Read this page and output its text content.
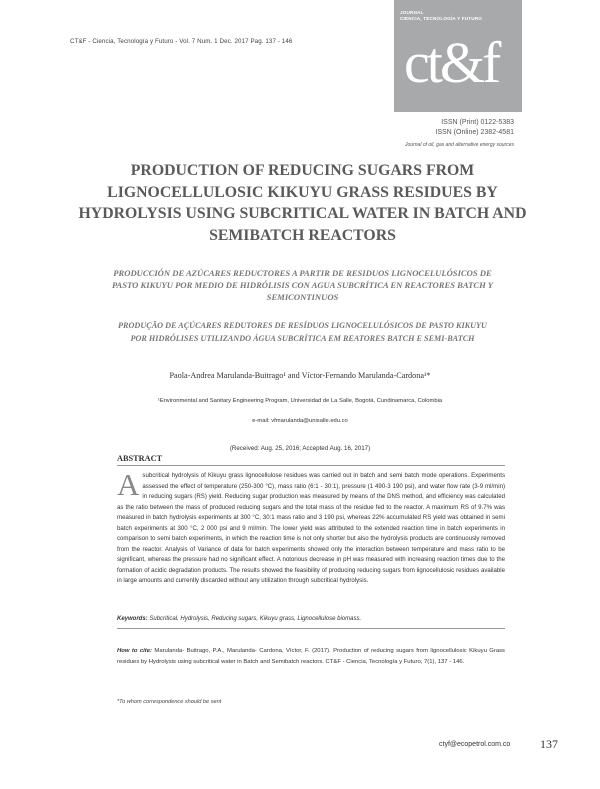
CT&F - Ciencia, Tecnología y Futuro - Vol. 7 Num. 1 Dec. 2017 Pag. 137 - 146
JOURNAL
CIENCIA, TECNOLOGÍA Y FUTURO
ct&f
ISSN (Print) 0122-5383
ISSN (Online) 2382-4581
Journal of oil, gas and alternative energy sources
PRODUCTION OF REDUCING SUGARS FROM LIGNOCELLULOSIC KIKUYU GRASS RESIDUES BY HYDROLYSIS USING SUBCRITICAL WATER IN BATCH AND SEMIBATCH REACTORS
PRODUCCIÓN DE AZÚCARES REDUCTORES A PARTIR DE RESIDUOS LIGNOCELULÓSICOS DE PASTO KIKUYU POR MEDIO DE HIDRÓLISIS CON AGUA SUBCRÍTICA EN REACTORES BATCH Y SEMICONTINUOS
PRODUÇÃO DE AÇÚCARES REDUTORES DE RESÍDUOS LIGNOCELULÓSICOS DE PASTO KIKUYU POR HIDRÓLISES UTILIZANDO ÁGUA SUBCRÍTICA EM REATORES BATCH E SEMI-BATCH
Paola-Andrea Marulanda-Buitrago¹ and Víctor-Fernando Marulanda-Cardona¹*
¹Environmental and Sanitary Engineering Program, Universidad de La Salle, Bogotá, Cundinamarca, Colombia
e-mail: vfmarulanda@unisalle.edu.co
(Received: Aug. 25, 2016; Accepted Aug. 16, 2017)
ABSTRACT
A subcritical hydrolysis of Kikuyu grass lignocellulose residues was carried out in batch and semi batch mode operations. Experiments assessed the effect of temperature (250-300 °C), mass ratio (6:1 - 30:1), pressure (1 490-3 190 psi), and water flow rate (3-9 ml/min) in reducing sugars (RS) yield. Reducing sugar production was measured by means of the DNS method, and efficiency was calculated as the ratio between the mass of produced reducing sugars and the total mass of the residue fed to the reactor. A maximum RS of 9.7% was measured in batch hydrolysis experiments at 300 °C, 30:1 mass ratio and 3 190 psi, whereas 22% accumulated RS yield was obtained in semi batch experiments at 300 °C, 2 000 psi and 9 ml/min. The lower yield was attributed to the extended reaction time in batch experiments in comparison to semi batch experiments, in which the reaction time is not only shorter but also the hydrolysis products are continuously removed from the reactor. Analysis of Variance of data for batch experiments showed only the interaction between temperature and mass ratio to be significant, whereas the pressure had no significant effect. A notorious decrease in pH was measured with increasing reaction times due to the formation of acidic degradation products. The results showed the feasibility of producing reducing sugars from lignocellulosic residues available in large amounts and currently discarded without any utilization through subcritical hydrolysis.
Keywords: Subcritical, Hydrolysis, Reducing sugars, Kikuyu grass, Lignocellulose biomass.
How to cite: Marulanda- Buitrago, P.A., Marulanda- Cardona, Víctor, F. (2017). Production of reducing sugars from lignocellulosic Kikuyu Grass residues by Hydrolysis using subcritical water in Batch and Semibatch reactors. CT&F - Ciencia, Tecnología y Futuro, 7(1), 137 - 146.
*To whom correspondence should be sent
ctyf@ecopetrol.com.co 137
